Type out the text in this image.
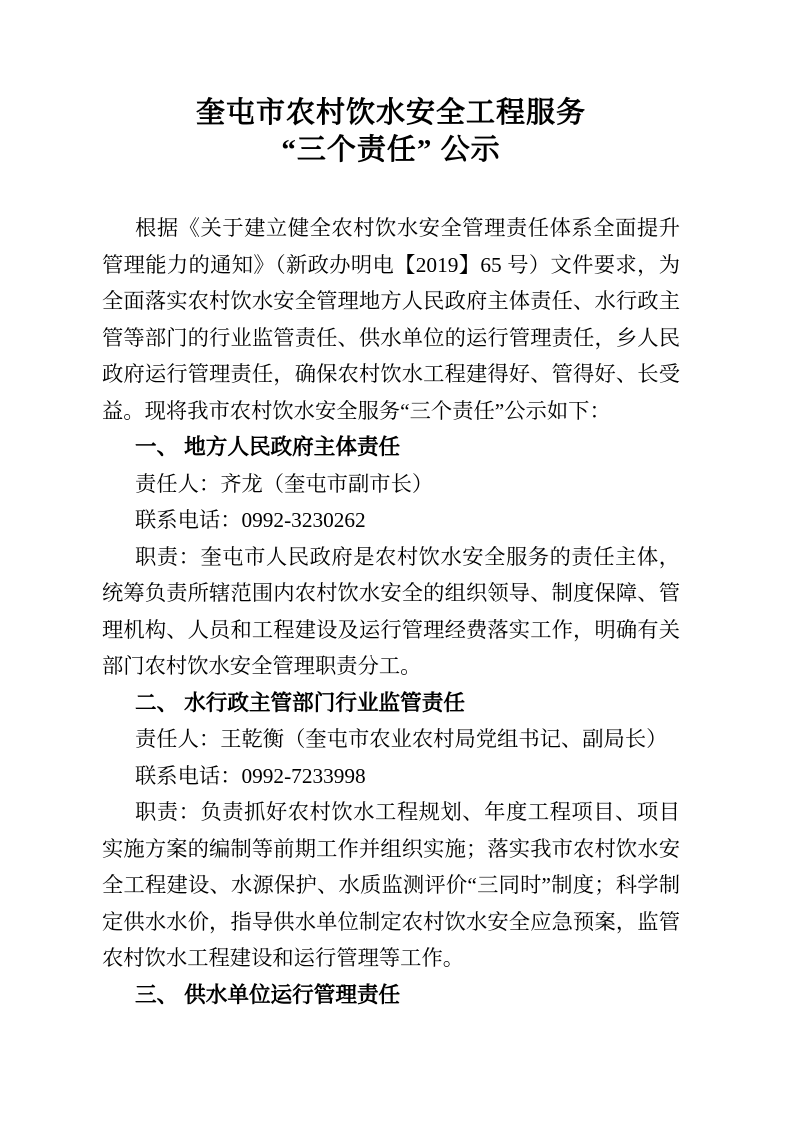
奎屯市农村饮水安全工程服务
“三个责任” 公示

根据《关于建立健全农村饮水安全管理责任体系全面提升管理能力的通知》（新政办明电【2019】65 号）文件要求，为全面落实农村饮水安全管理地方人民政府主体责任、水行政主管等部门的行业监管责任、供水单位的运行管理责任，乡人民政府运行管理责任，确保农村饮水工程建得好、管得好、长受益。现将我市农村饮水安全服务“三个责任”公示如下：

一、 地方人民政府主体责任

责任人：齐龙（奎屯市副市长）

联系电话：0992-3230262

职责：奎屯市人民政府是农村饮水安全服务的责任主体，统筹负责所辖范围内农村饮水安全的组织领导、制度保障、管理机构、人员和工程建设及运行管理经费落实工作，明确有关部门农村饮水安全管理职责分工。

二、 水行政主管部门行业监管责任

责任人：王乾衡（奎屯市农业农村局党组书记、副局长）

联系电话：0992-7233998

职责：负责抓好农村饮水工程规划、年度工程项目、项目实施方案的编制等前期工作并组织实施；落实我市农村饮水安全工程建设、水源保护、水质监测评价“三同时”制度；科学制定供水水价，指导供水单位制定农村饮水安全应急预案，监管农村饮水工程建设和运行管理等工作。

三、 供水单位运行管理责任
